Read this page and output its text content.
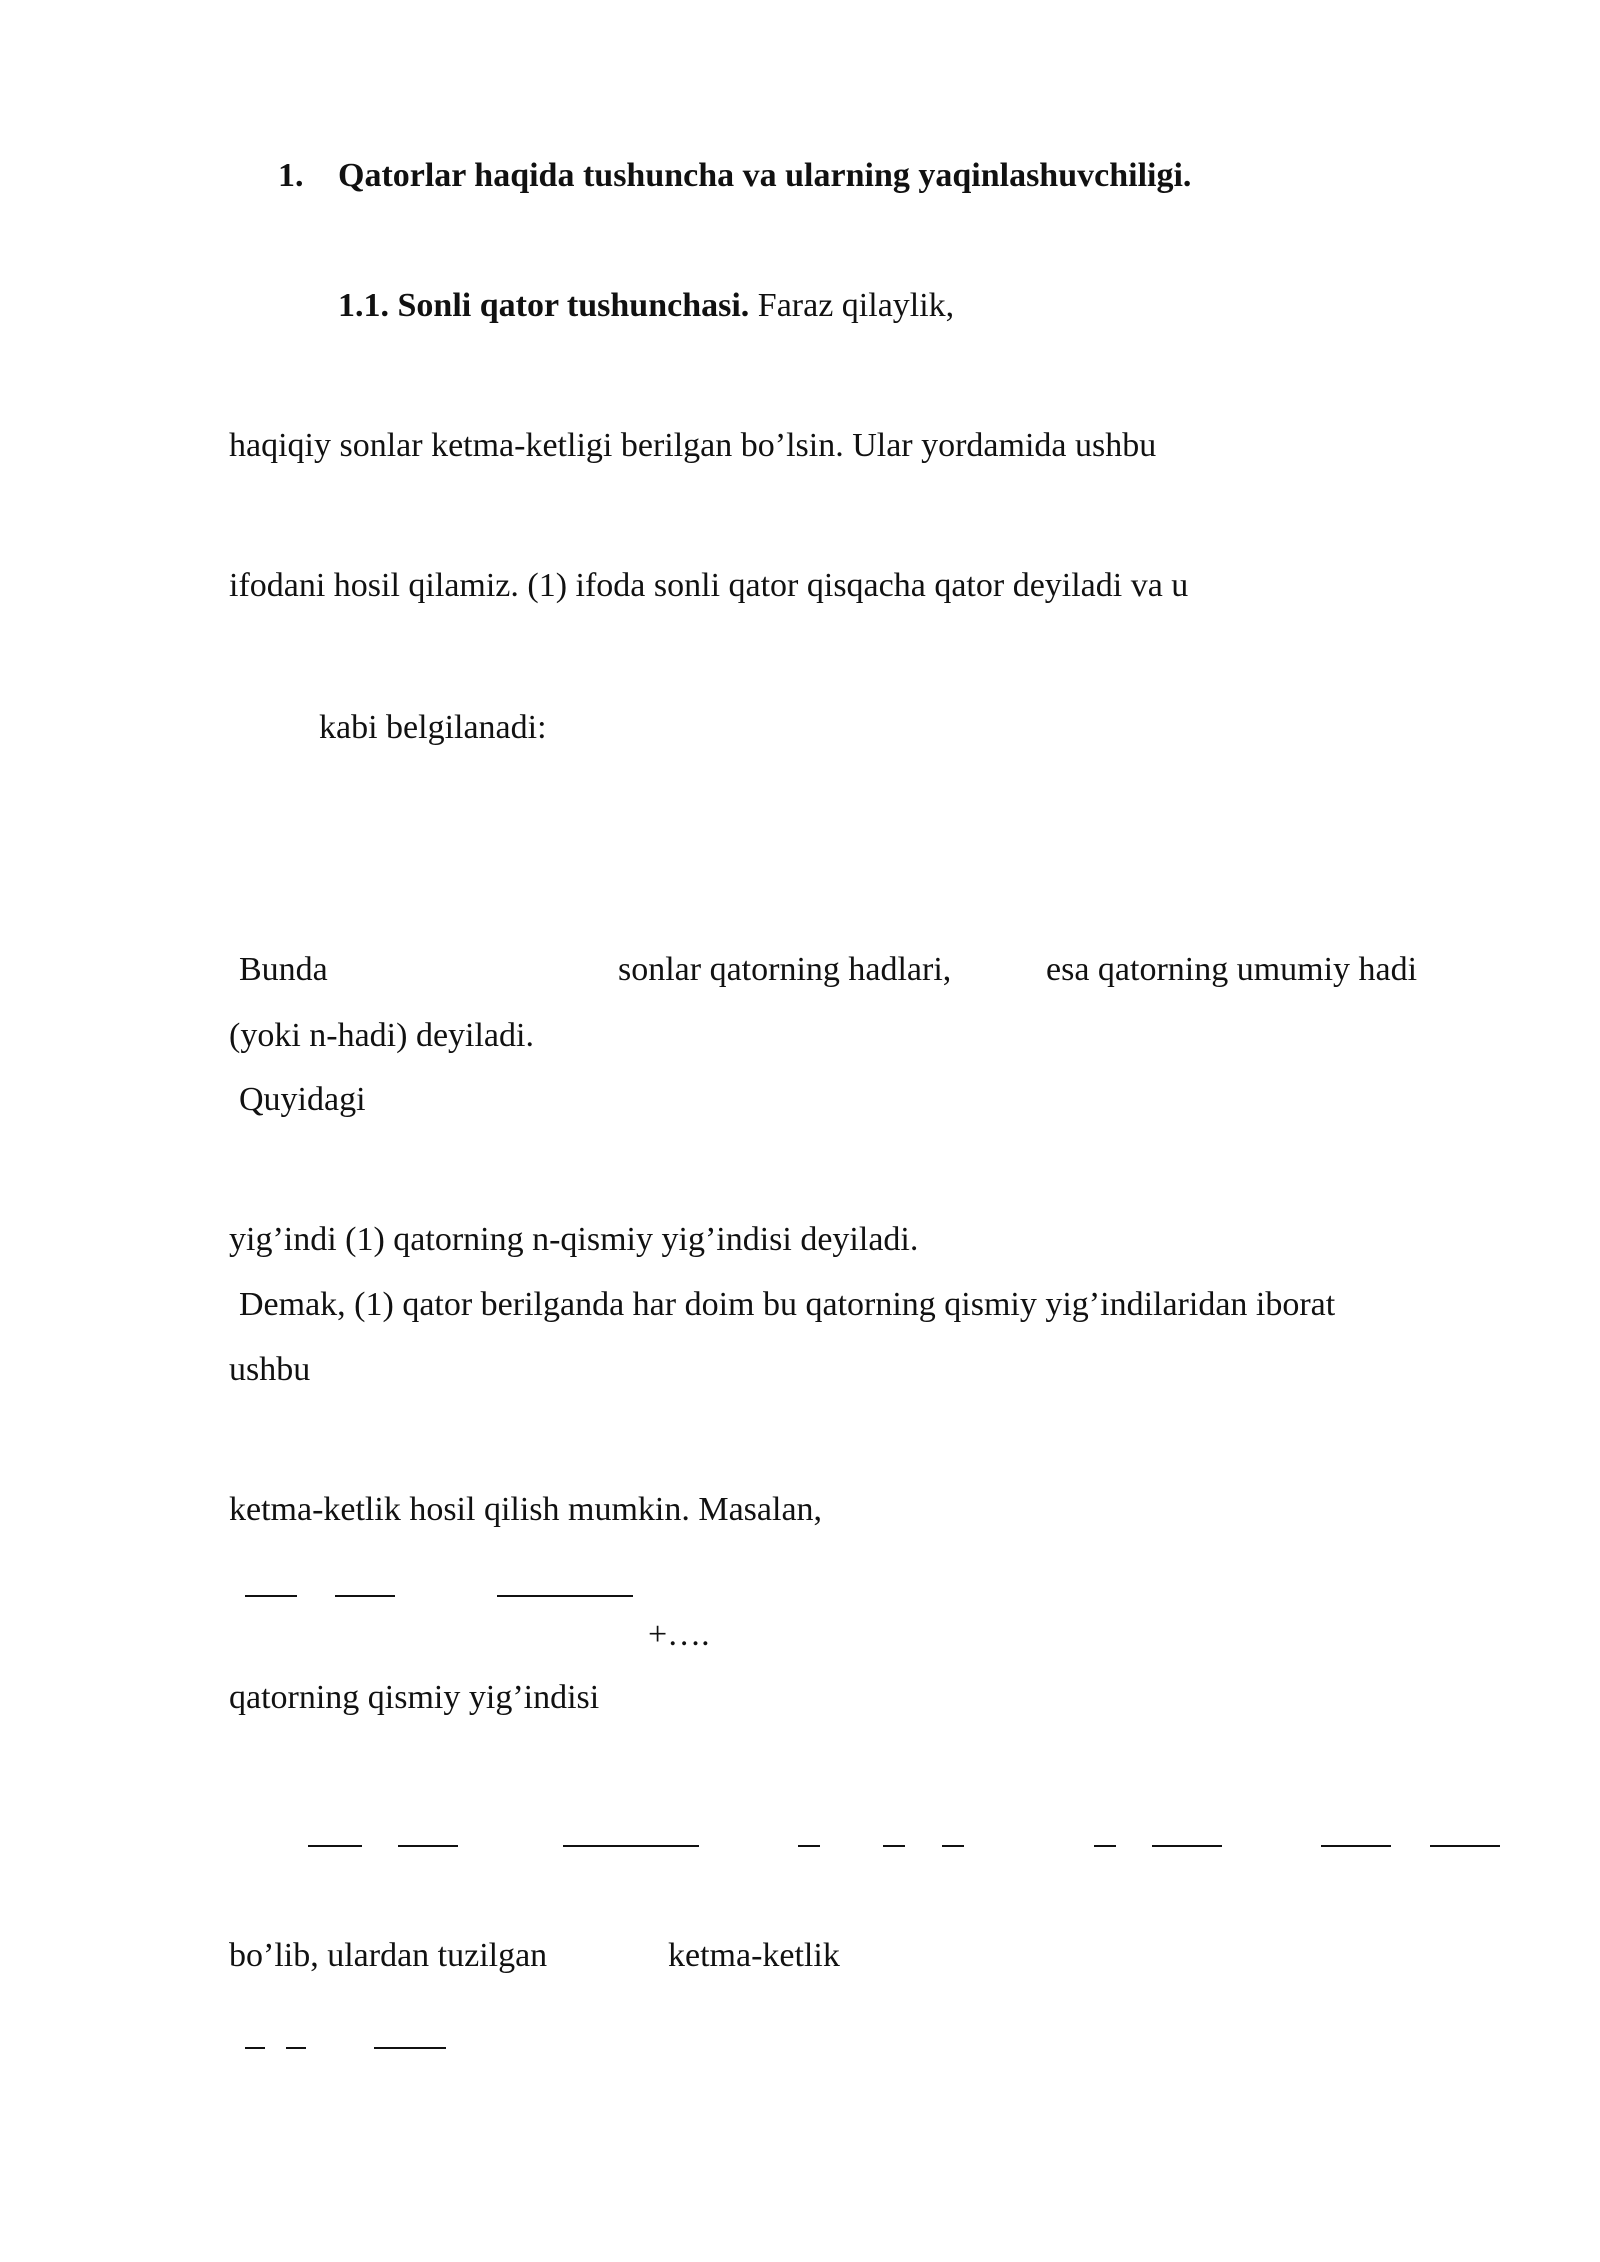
1. Qatorlar haqida tushuncha va ularning yaqinlashuvchiligi.
1.1. Sonli qator tushunchasi. Faraz qilaylik,
haqiqiy sonlar ketma-ketligi berilgan bo’lsin. Ular yordamida ushbu
ifodani hosil qilamiz. (1) ifoda sonli qator qisqacha qator deyiladi va u
kabi belgilanadi:
Bunda	sonlar qatorning hadlari,	esa qatorning umumiy hadi
(yoki n-hadi) deyiladi.
Quyidagi
yig’indi (1) qatorning n-qismiy yig’indisi deyiladi.
Demak, (1) qator berilganda har doim bu qatorning qismiy yig’indilaridan iborat
ushbu
ketma-ketlik hosil qilish mumkin. Masalan,
+….
qatorning qismiy yig’indisi
bo’lib, ulardan tuzilgan	ketma-ketlik
